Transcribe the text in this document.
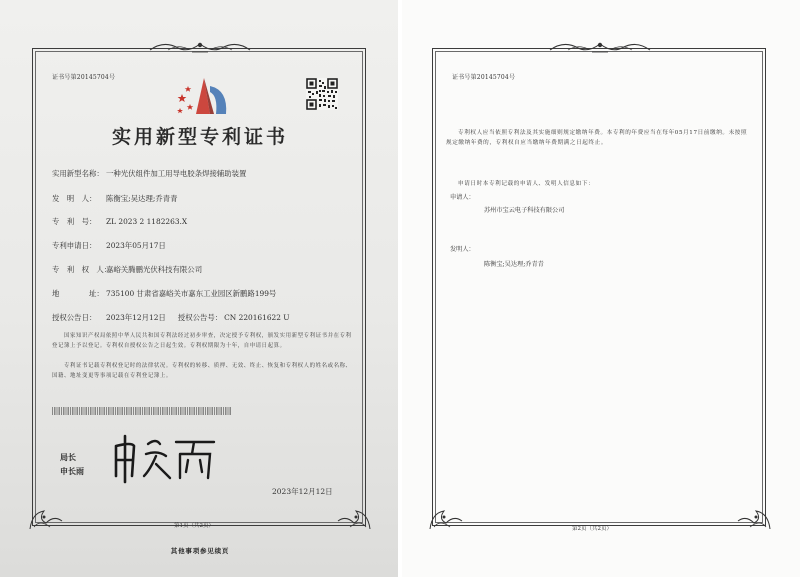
证书号第20145704号
实用新型专利证书
实用新型名称： 一种光伏组件加工用导电胶条焊接辅助装置
发　明　人： 陈衡宝;吴达理;乔青青
专　利　号： ZL 2023 2 1182263.X
专利申请日： 2023年05月17日
专　利　权　人：嘉峪关腾鹏光伏科技有限公司
地　　　　址： 735100 甘肃省嘉峪关市嘉东工业园区新鹏路199号
授权公告日： 2023年12月12日 授权公告号： CN 220161622 U
国家知识产权局依照中华人民共和国专利法经过初步审查，决定授予专利权，颁发实用新型专利证书并在专利登记簿上予以登记。专利权自授权公告之日起生效。专利权期限为十年，自申请日起算。
专利证书记载专利权登记时的法律状况。专利权的转移、质押、无效、终止、恢复和专利权人的姓名或名称、国籍、地址变更等事项记载在专利登记簿上。
局长
申长雨
申长雨
2023年12月12日
第1页（共2页）
其他事项参见续页
证书号第20145704号
专利权人应当依照专利法及其实施细则规定缴纳年费。本专利的年费应当在每年05月17日前缴纳。未按照规定缴纳年费的，专利权自应当缴纳年费期满之日起终止。
申请日时本专利记载的申请人、发明人信息如下：
申请人：
苏州市宝云电子科技有限公司
发明人：
陈衡宝;吴达理;乔青青
第2页（共2页）
